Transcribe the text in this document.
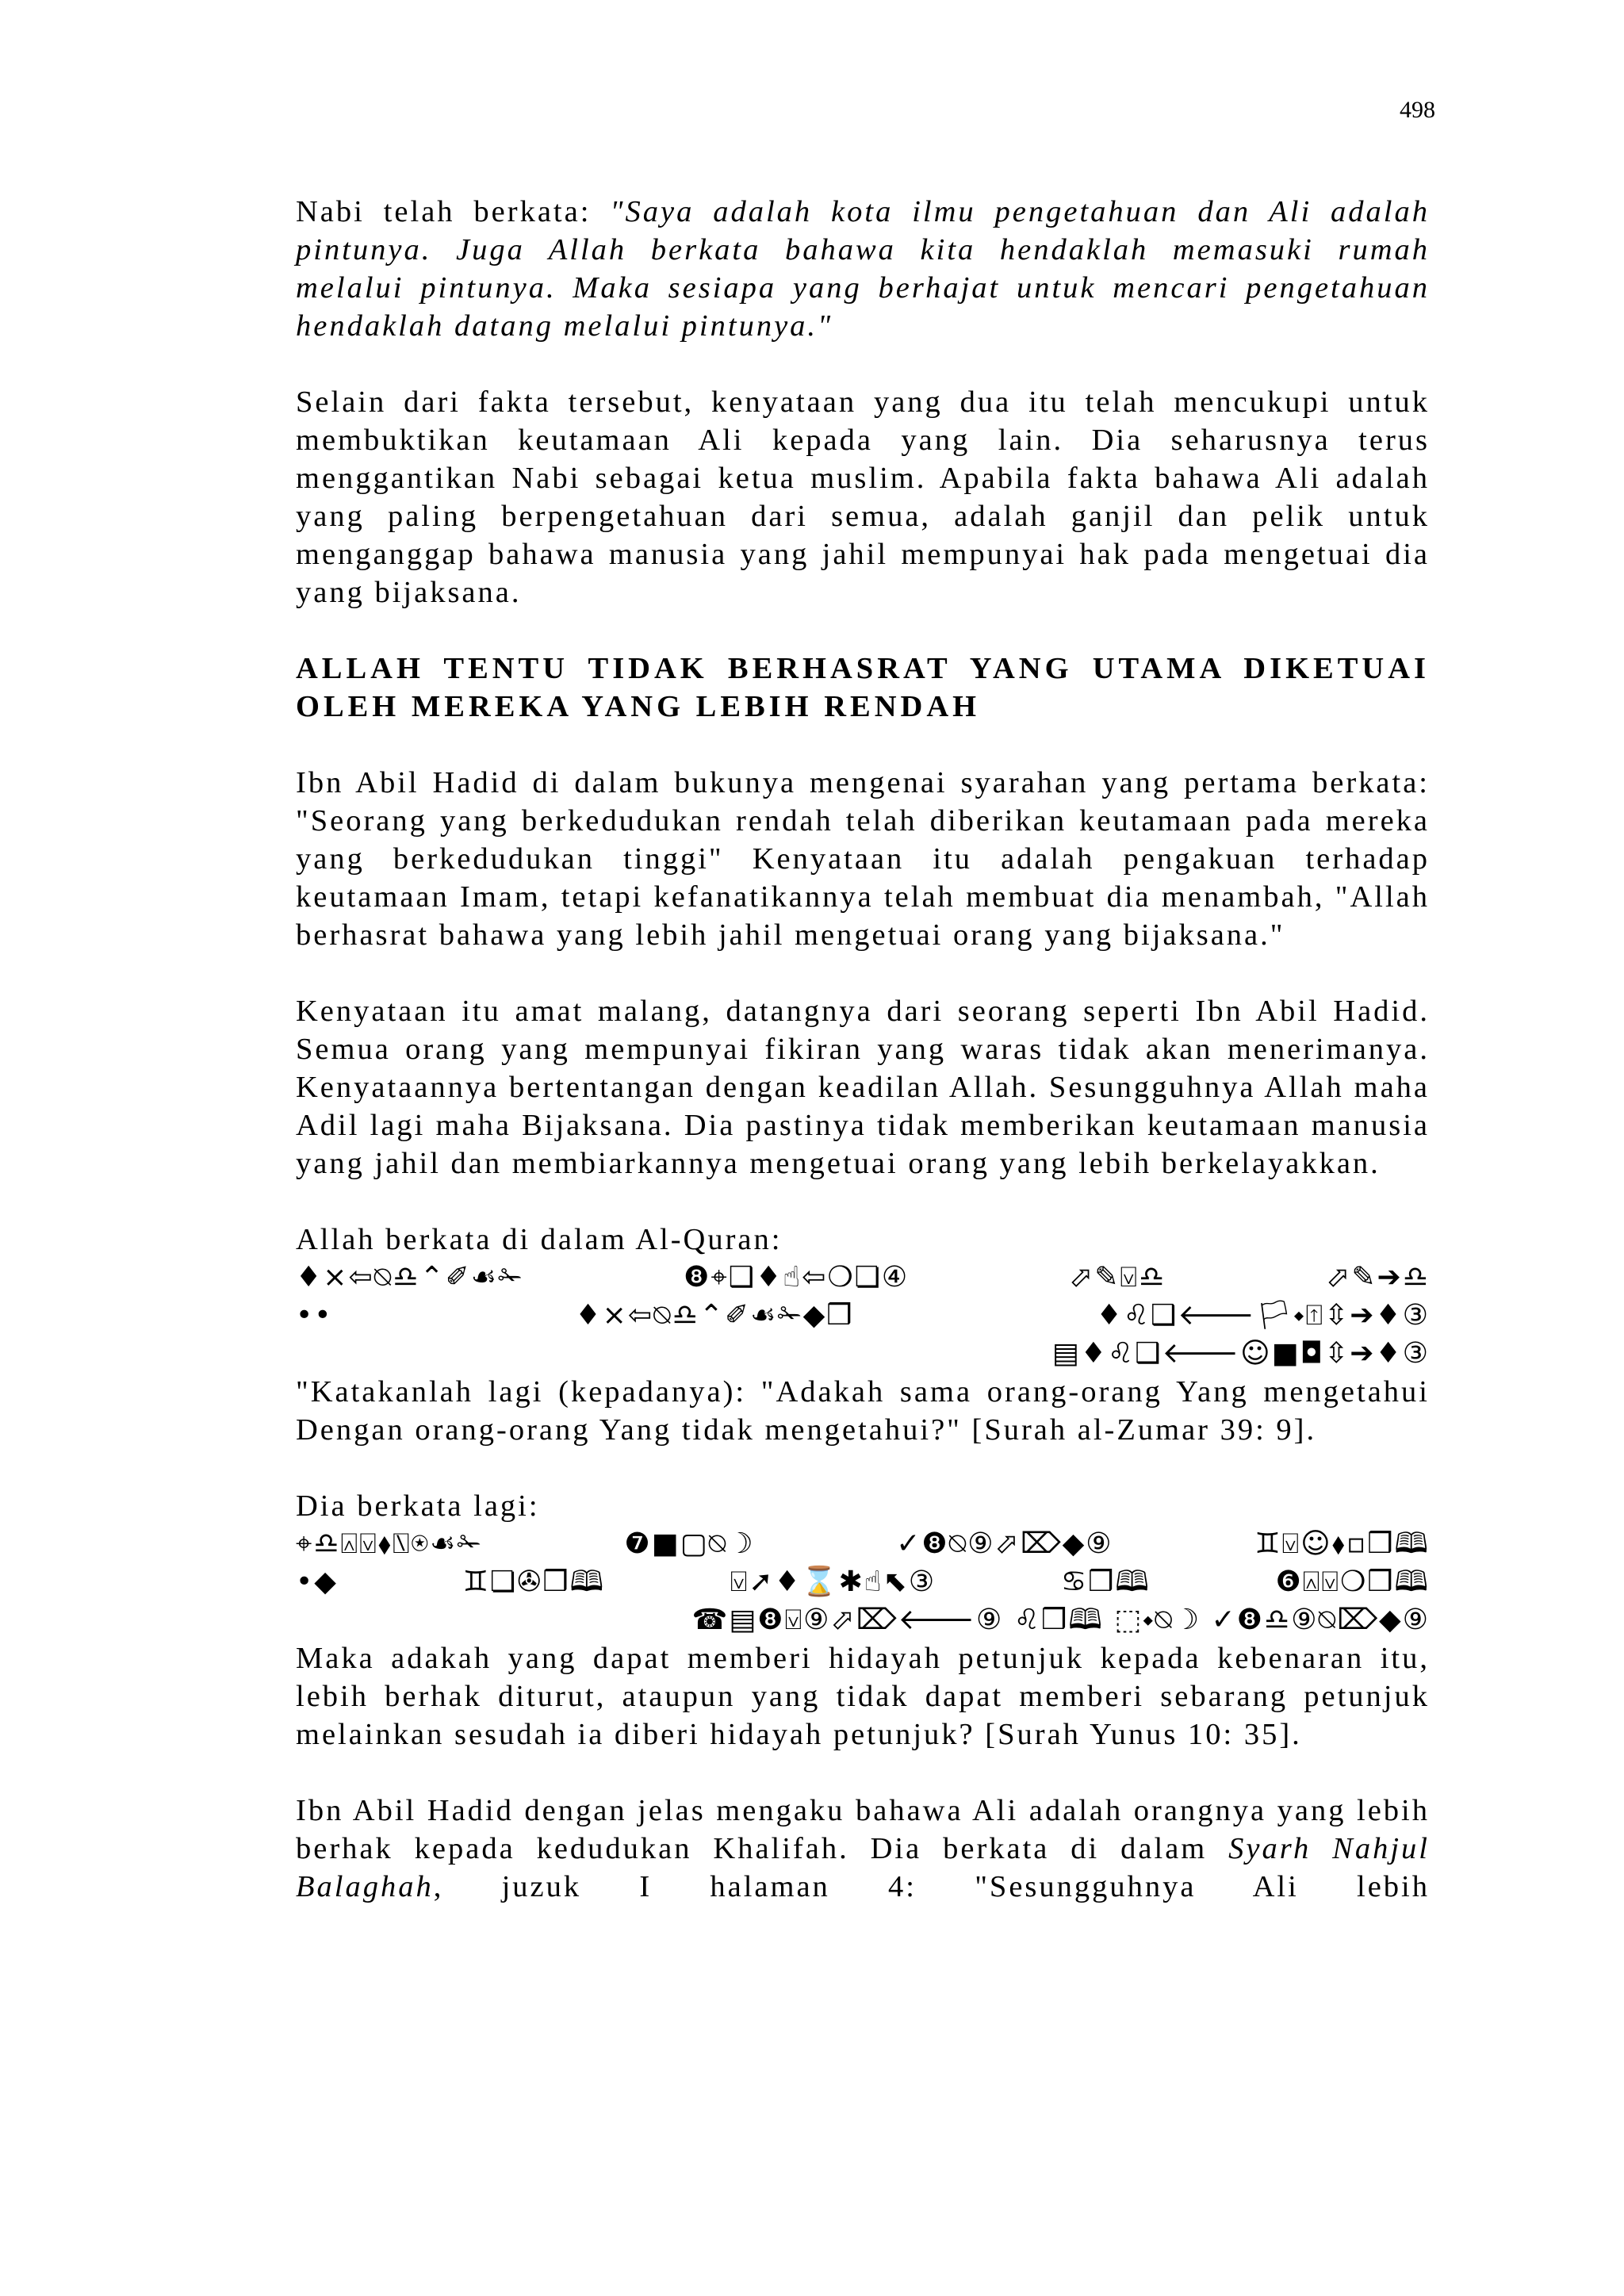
498

Nabi telah berkata: "Saya adalah kota ilmu pengetahuan dan Ali adalah pintunya. Juga Allah berkata bahawa kita hendaklah memasuki rumah melalui pintunya. Maka sesiapa yang berhajat untuk mencari pengetahuan hendaklah datang melalui pintunya."

Selain dari fakta tersebut, kenyataan yang dua itu telah mencukupi untuk membuktikan keutamaan Ali kepada yang lain. Dia seharusnya terus menggantikan Nabi sebagai ketua muslim. Apabila fakta bahawa Ali adalah yang paling berpengetahuan dari semua, adalah ganjil dan pelik untuk menganggap bahawa manusia yang jahil mempunyai hak pada mengetuai dia yang bijaksana.

ALLAH TENTU TIDAK BERHASRAT YANG UTAMA DIKETUAI OLEH MEREKA YANG LEBIH RENDAH

Ibn Abil Hadid di dalam bukunya mengenai syarahan yang pertama berkata: "Seorang yang berkedudukan rendah telah diberikan keutamaan pada mereka yang berkedudukan tinggi" Kenyataan itu adalah pengakuan terhadap keutamaan Imam, tetapi kefanatikannya telah membuat dia menambah, "Allah berhasrat bahawa yang lebih jahil mengetuai orang yang bijaksana."

Kenyataan itu amat malang, datangnya dari seorang seperti Ibn Abil Hadid. Semua orang yang mempunyai fikiran yang waras tidak akan menerimanya. Kenyataannya bertentangan dengan keadilan Allah. Sesungguhnya Allah maha Adil lagi maha Bijaksana. Dia pastinya tidak memberikan keutamaan manusia yang jahil dan membiarkannya mengetuai orang yang lebih berkelayakkan.

Allah berkata di dalam Al-Quran:

♦×⇦⍉♎⌃✐☙✁	❽⌖❑♦☝⇦❍❏④	⬀✎⍌♎	⬀✎➔♎

••	♦×⇦⍉♎⌃✐☙✁◆❒	♦♌❑🡐🏳⬩⍐⇳➔♦③

▤♦♌❑🡐☺■◘⇳➔♦③

"Katakanlah lagi (kepadanya): "Adakah sama orang-orang Yang mengetahui Dengan orang-orang Yang tidak mengetahui?" [Surah al-Zumar 39: 9].

Dia berkata lagi:

⌖♎⍓⍌⬧⍂⍟☙✁	❼■▢⍉☽	✓❽⍉⑨⬀⌦◆⑨	♊⍌☺⬧▫❒🕮

•◆	♊❏✇❒🕮	⍌➚♦⌛✱☝⬉③	♋❒🕮	❻⍓⍌❍❒🕮

☎▤❽⍌⑨⬀⌦🡐⑨
♌❒🕮
⬚⬩⍉☽
✓❽♎⑨⍉⌦◆⑨

Maka adakah yang dapat memberi hidayah petunjuk kepada kebenaran itu, lebih berhak diturut, ataupun yang tidak dapat memberi sebarang petunjuk melainkan sesudah ia diberi hidayah petunjuk? [Surah Yunus 10: 35].

Ibn Abil Hadid dengan jelas mengaku bahawa Ali adalah orangnya yang lebih berhak kepada kedudukan Khalifah. Dia berkata di dalam Syarh Nahjul Balaghah, juzuk I halaman 4: "Sesungguhnya Ali lebih
